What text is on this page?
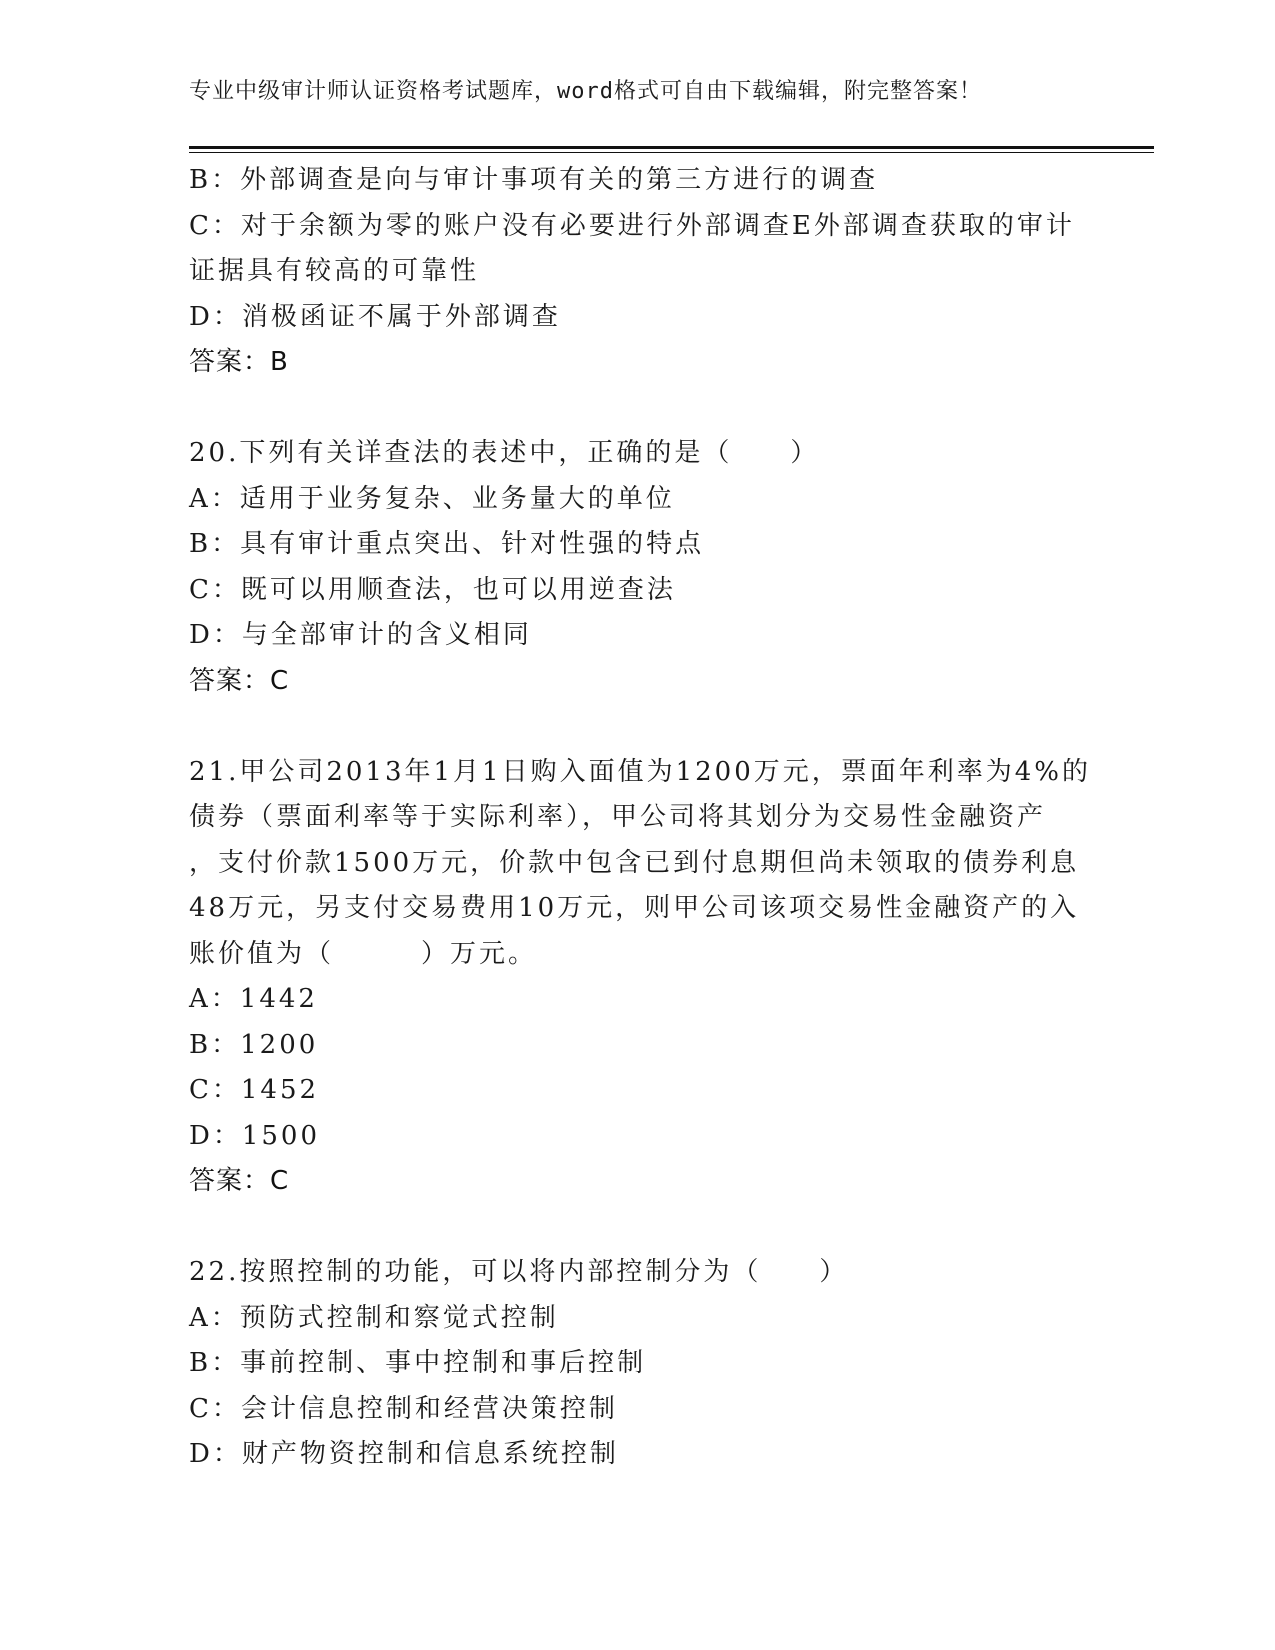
专业中级审计师认证资格考试题库，word格式可自由下载编辑，附完整答案！
B：外部调查是向与审计事项有关的第三方进行的调查
C：对于余额为零的账户没有必要进行外部调查E外部调查获取的审计
证据具有较高的可靠性
D：消极函证不属于外部调查
答案：B
20.下列有关详查法的表述中，正确的是（　　）
A：适用于业务复杂、业务量大的单位
B：具有审计重点突出、针对性强的特点
C：既可以用顺查法，也可以用逆查法
D：与全部审计的含义相同
答案：C
21.甲公司2013年1月1日购入面值为1200万元，票面年利率为4%的
债券（票面利率等于实际利率），甲公司将其划分为交易性金融资产
，支付价款1500万元，价款中包含已到付息期但尚未领取的债券利息
48万元，另支付交易费用10万元，则甲公司该项交易性金融资产的入
账价值为（　　　）万元。
A：1442
B：1200
C：1452
D：1500
答案：C
22.按照控制的功能，可以将内部控制分为（　　）
A：预防式控制和察觉式控制
B：事前控制、事中控制和事后控制
C：会计信息控制和经营决策控制
D：财产物资控制和信息系统控制
